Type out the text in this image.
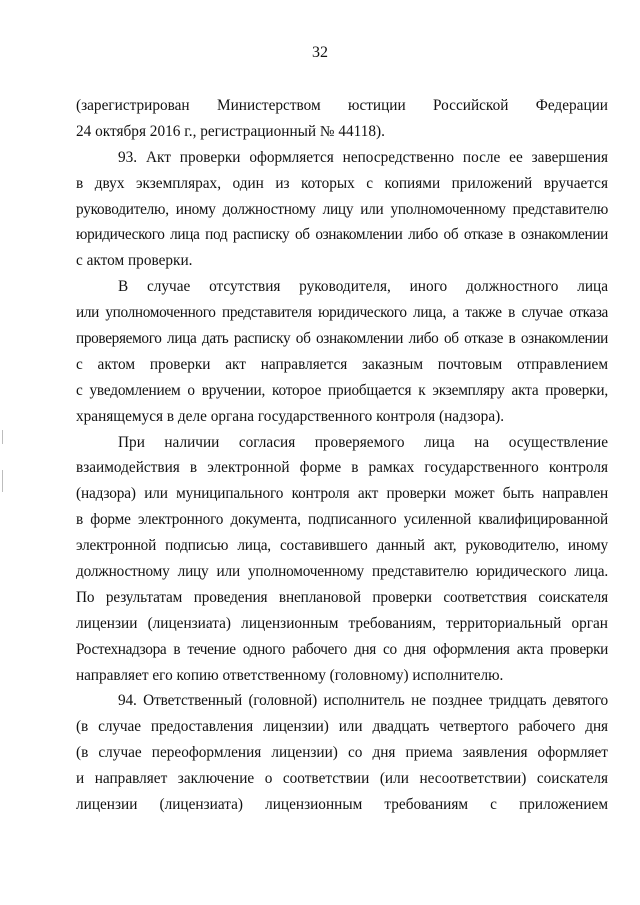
32
(зарегистрирован Министерством юстиции Российской Федерации
24 октября 2016 г., регистрационный № 44118).
93. Акт проверки оформляется непосредственно после ее завершения
в двух экземплярах, один из которых с копиями приложений вручается
руководителю, иному должностному лицу или уполномоченному представителю
юридического лица под расписку об ознакомлении либо об отказе в ознакомлении
с актом проверки.
В случае отсутствия руководителя, иного должностного лица
или уполномоченного представителя юридического лица, а также в случае отказа
проверяемого лица дать расписку об ознакомлении либо об отказе в ознакомлении
с актом проверки акт направляется заказным почтовым отправлением
с уведомлением о вручении, которое приобщается к экземпляру акта проверки,
хранящемуся в деле органа государственного контроля (надзора).
При наличии согласия проверяемого лица на осуществление
взаимодействия в электронной форме в рамках государственного контроля
(надзора) или муниципального контроля акт проверки может быть направлен
в форме электронного документа, подписанного усиленной квалифицированной
электронной подписью лица, составившего данный акт, руководителю, иному
должностному лицу или уполномоченному представителю юридического лица.
По результатам проведения внеплановой проверки соответствия соискателя
лицензии (лицензиата) лицензионным требованиям, территориальный орган
Ростехнадзора в течение одного рабочего дня со дня оформления акта проверки
направляет его копию ответственному (головному) исполнителю.
94. Ответственный (головной) исполнитель не позднее тридцать девятого
(в случае предоставления лицензии) или двадцать четвертого рабочего дня
(в случае переоформления лицензии) со дня приема заявления оформляет
и направляет заключение о соответствии (или несоответствии) соискателя
лицензии (лицензиата) лицензионным требованиям с приложением
